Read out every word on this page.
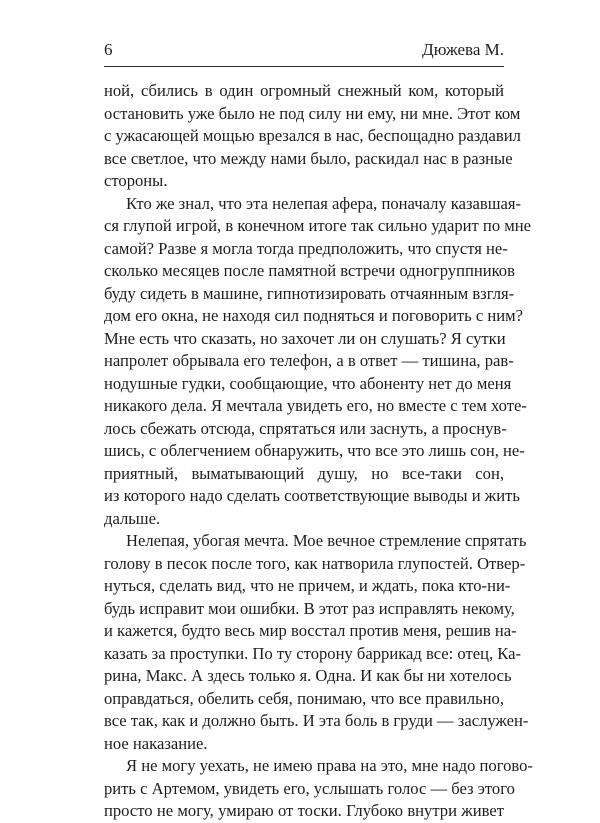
6	Дюжева М.

ной, сбились в один огромный снежный ком, который
остановить уже было не под силу ни ему, ни мне. Этот ком
с ужасающей мощью врезался в нас, беспощадно раздавил
все светлое, что между нами было, раскидал нас в разные
стороны.

Кто же знал, что эта нелепая афера, поначалу казавшая-
ся глупой игрой, в конечном итоге так сильно ударит по мне
самой? Разве я могла тогда предположить, что спустя не-
сколько месяцев после памятной встречи одногруппников
буду сидеть в машине, гипнотизировать отчаянным взгля-
дом его окна, не находя сил подняться и поговорить с ним?
Мне есть что сказать, но захочет ли он слушать? Я сутки
напролет обрывала его телефон, а в ответ — тишина, рав-
нодушные гудки, сообщающие, что абоненту нет до меня
никакого дела. Я мечтала увидеть его, но вместе с тем хоте-
лось сбежать отсюда, спрятаться или заснуть, а проснув-
шись, с облегчением обнаружить, что все это лишь сон, не-
приятный, выматывающий душу, но все-таки сон,
из которого надо сделать соответствующие выводы и жить
дальше.

Нелепая, убогая мечта. Мое вечное стремление спрятать
голову в песок после того, как натворила глупостей. Отвер-
нуться, сделать вид, что не причем, и ждать, пока кто-ни-
будь исправит мои ошибки. В этот раз исправлять некому,
и кажется, будто весь мир восстал против меня, решив на-
казать за проступки. По ту сторону баррикад все: отец, Ка-
рина, Макс. А здесь только я. Одна. И как бы ни хотелось
оправдаться, обелить себя, понимаю, что все правильно,
все так, как и должно быть. И эта боль в груди — заслужен-
ное наказание.

Я не могу уехать, не имею права на это, мне надо погово-
рить с Артемом, увидеть его, услышать голос — без этого
просто не могу, умираю от тоски. Глубоко внутри живет
